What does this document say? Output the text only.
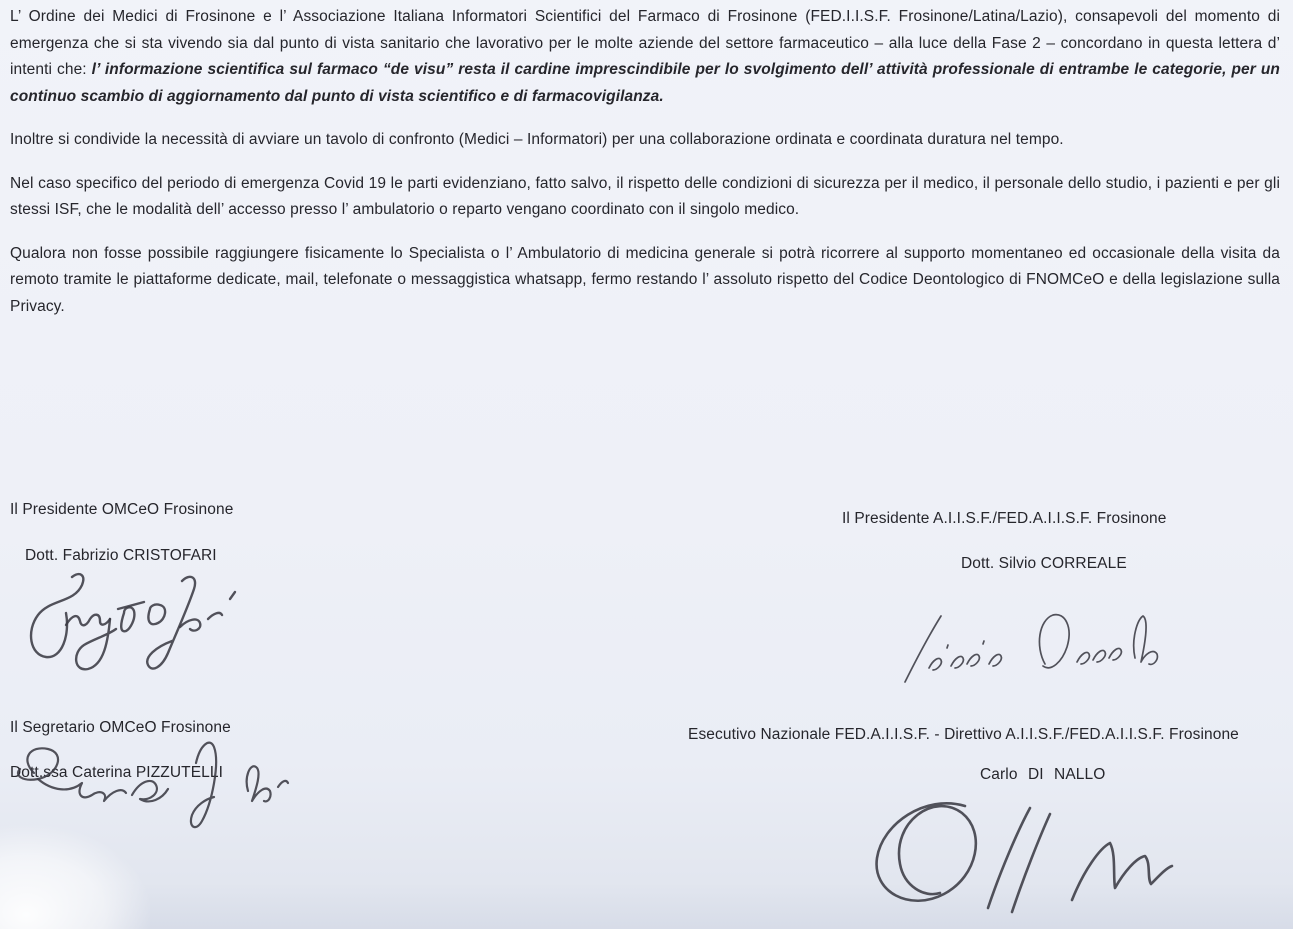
L’ Ordine dei Medici di Frosinone e l’ Associazione Italiana Informatori Scientifici del Farmaco di Frosinone (FED.I.I.S.F. Frosinone/Latina/Lazio), consapevoli del momento di emergenza che si sta vivendo sia dal punto di vista sanitario che lavorativo per le molte aziende del settore farmaceutico – alla luce della Fase 2 – concordano in questa lettera d’ intenti che: l’ informazione scientifica sul farmaco “de visu” resta il cardine imprescindibile per lo svolgimento dell’ attività professionale di entrambe le categorie, per un continuo scambio di aggiornamento dal punto di vista scientifico e di farmacovigilanza.

Inoltre si condivide la necessità di avviare un tavolo di confronto (Medici – Informatori) per una collaborazione ordinata e coordinata duratura nel tempo.

Nel caso specifico del periodo di emergenza Covid 19 le parti evidenziano, fatto salvo, il rispetto delle condizioni di sicurezza per il medico, il personale dello studio, i pazienti e per gli stessi ISF, che le modalità dell’ accesso presso l’ ambulatorio o reparto vengano coordinato con il singolo medico.

Qualora non fosse possibile raggiungere fisicamente lo Specialista o l’ Ambulatorio di medicina generale si potrà ricorrere al supporto momentaneo ed occasionale della visita da remoto tramite le piattaforme dedicate, mail, telefonate o messaggistica whatsapp, fermo restando l’ assoluto rispetto del Codice Deontologico di FNOMCeO e della legislazione sulla Privacy.

Il Presidente OMCeO Frosinone
Dott. Fabrizio CRISTOFARI
Il Presidente A.I.I.S.F./FED.A.I.I.S.F. Frosinone
Dott. Silvio CORREALE
Il Segretario OMCeO Frosinone
Dott.ssa Caterina PIZZUTELLI
Esecutivo Nazionale FED.A.I.I.S.F. - Direttivo A.I.I.S.F./FED.A.I.I.S.F. Frosinone
Carlo DI NALLO
